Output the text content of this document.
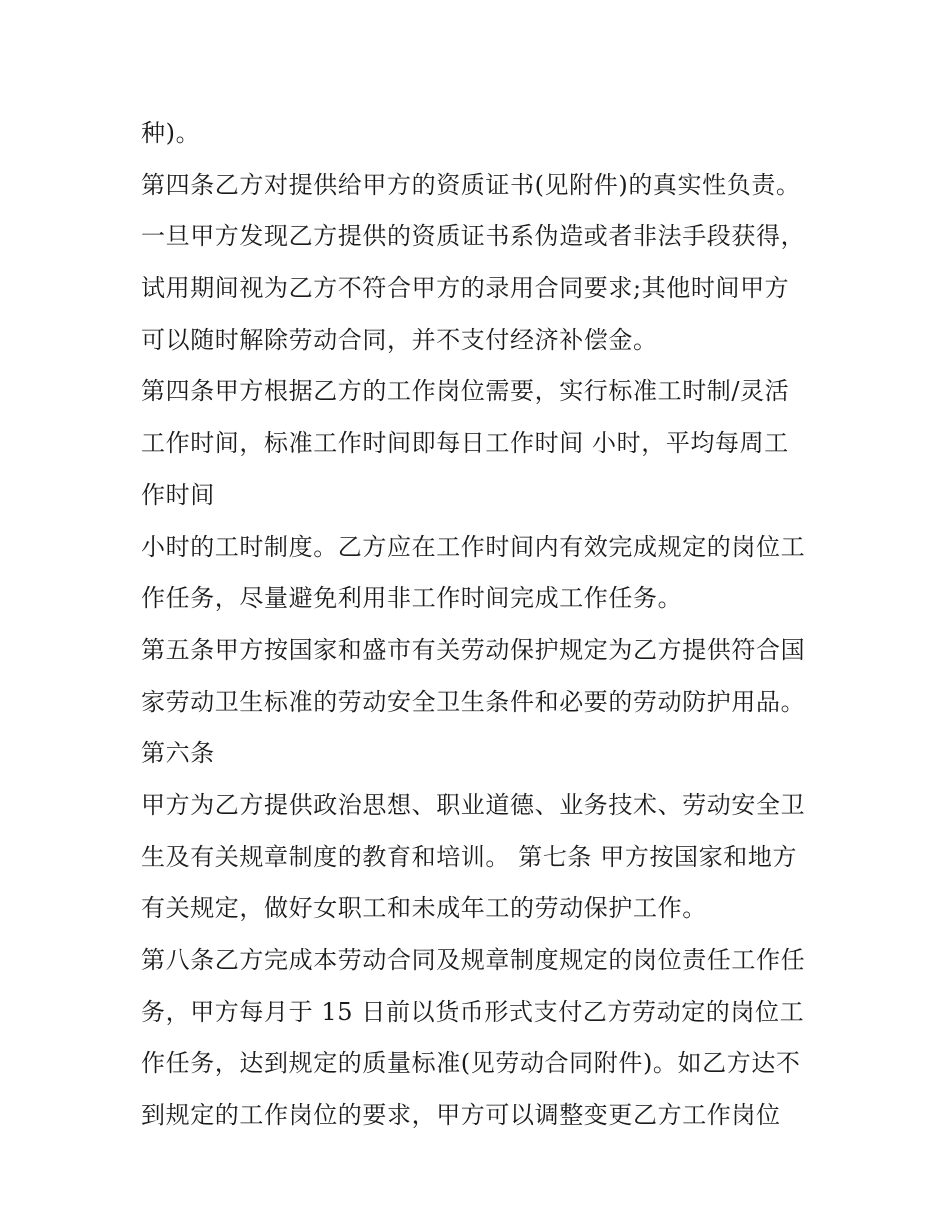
种)。
第四条乙方对提供给甲方的资质证书(见附件)的真实性负责。
一旦甲方发现乙方提供的资质证书系伪造或者非法手段获得，
试用期间视为乙方不符合甲方的录用合同要求;其他时间甲方
可以随时解除劳动合同，并不支付经济补偿金。
第四条甲方根据乙方的工作岗位需要，实行标准工时制/灵活
工作时间，标准工作时间即每日工作时间 小时，平均每周工
作时间
小时的工时制度。乙方应在工作时间内有效完成规定的岗位工
作任务，尽量避免利用非工作时间完成工作任务。
第五条甲方按国家和盛市有关劳动保护规定为乙方提供符合国
家劳动卫生标准的劳动安全卫生条件和必要的劳动防护用品。
第六条
甲方为乙方提供政治思想、职业道德、业务技术、劳动安全卫
生及有关规章制度的教育和培训。 第七条 甲方按国家和地方
有关规定，做好女职工和未成年工的劳动保护工作。
第八条乙方完成本劳动合同及规章制度规定的岗位责任工作任
务，甲方每月于 15 日前以货币形式支付乙方劳动定的岗位工
作任务，达到规定的质量标准(见劳动合同附件)。如乙方达不
到规定的工作岗位的要求，甲方可以调整变更乙方工作岗位
